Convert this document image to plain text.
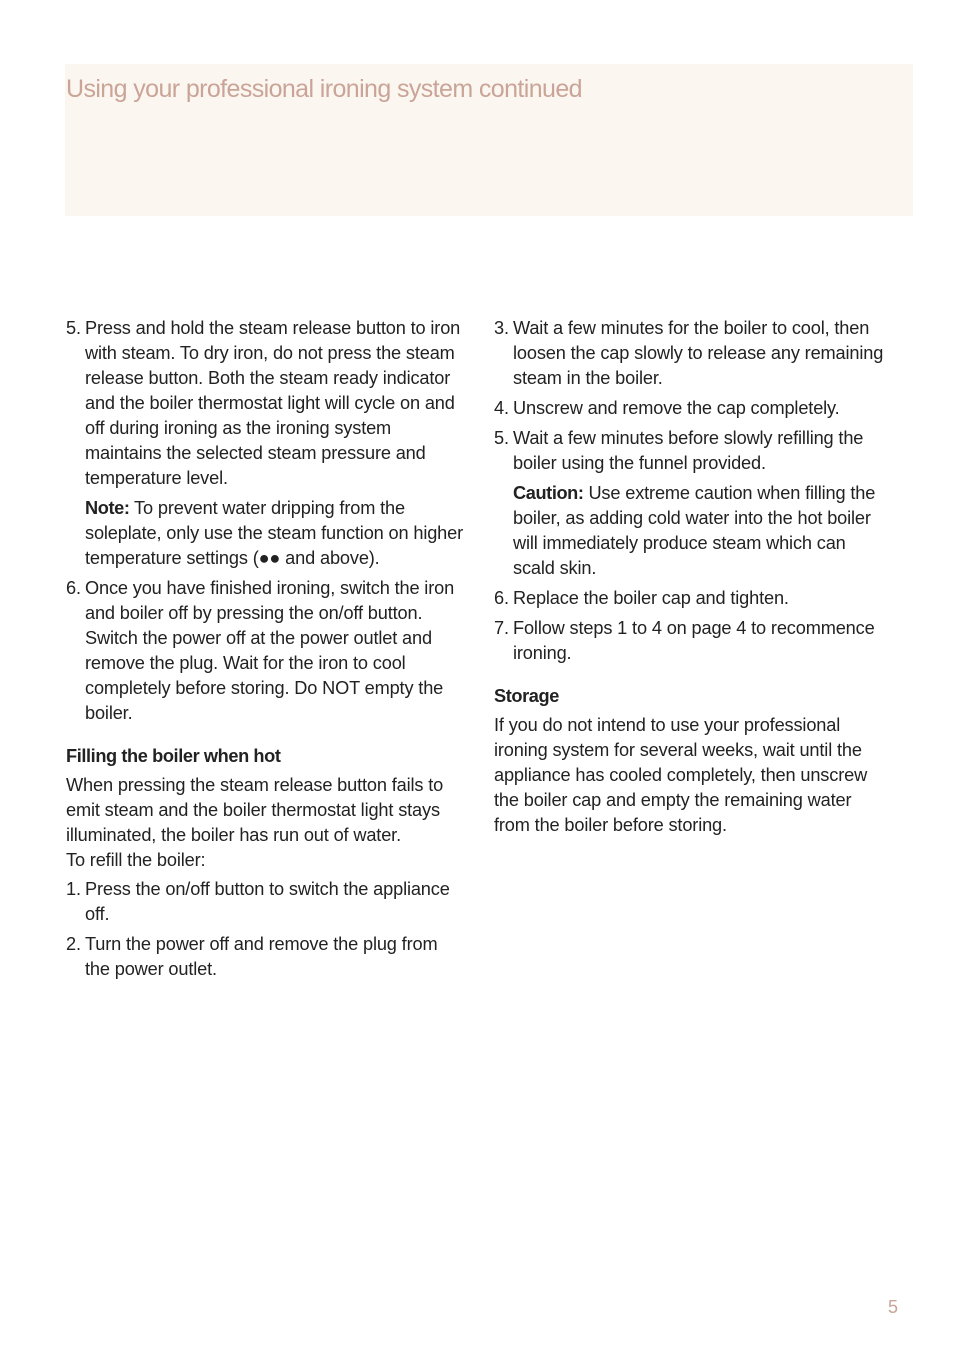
Using your professional ironing system continued
5. Press and hold the steam release button to iron with steam. To dry iron, do not press the steam release button. Both the steam ready indicator and the boiler thermostat light will cycle on and off during ironing as the ironing system maintains the selected steam pressure and temperature level.
Note: To prevent water dripping from the soleplate, only use the steam function on higher temperature settings (●● and above).
6. Once you have finished ironing, switch the iron and boiler off by pressing the on/off button. Switch the power off at the power outlet and remove the plug. Wait for the iron to cool completely before storing. Do NOT empty the boiler.
Filling the boiler when hot
When pressing the steam release button fails to emit steam and the boiler thermostat light stays illuminated, the boiler has run out of water.
To refill the boiler:
1. Press the on/off button to switch the appliance off.
2. Turn the power off and remove the plug from the power outlet.
3. Wait a few minutes for the boiler to cool, then loosen the cap slowly to release any remaining steam in the boiler.
4. Unscrew and remove the cap completely.
5. Wait a few minutes before slowly refilling the boiler using the funnel provided.
Caution: Use extreme caution when filling the boiler, as adding cold water into the hot boiler will immediately produce steam which can scald skin.
6. Replace the boiler cap and tighten.
7. Follow steps 1 to 4 on page 4 to recommence ironing.
Storage
If you do not intend to use your professional ironing system for several weeks, wait until the appliance has cooled completely, then unscrew the boiler cap and empty the remaining water from the boiler before storing.
5
